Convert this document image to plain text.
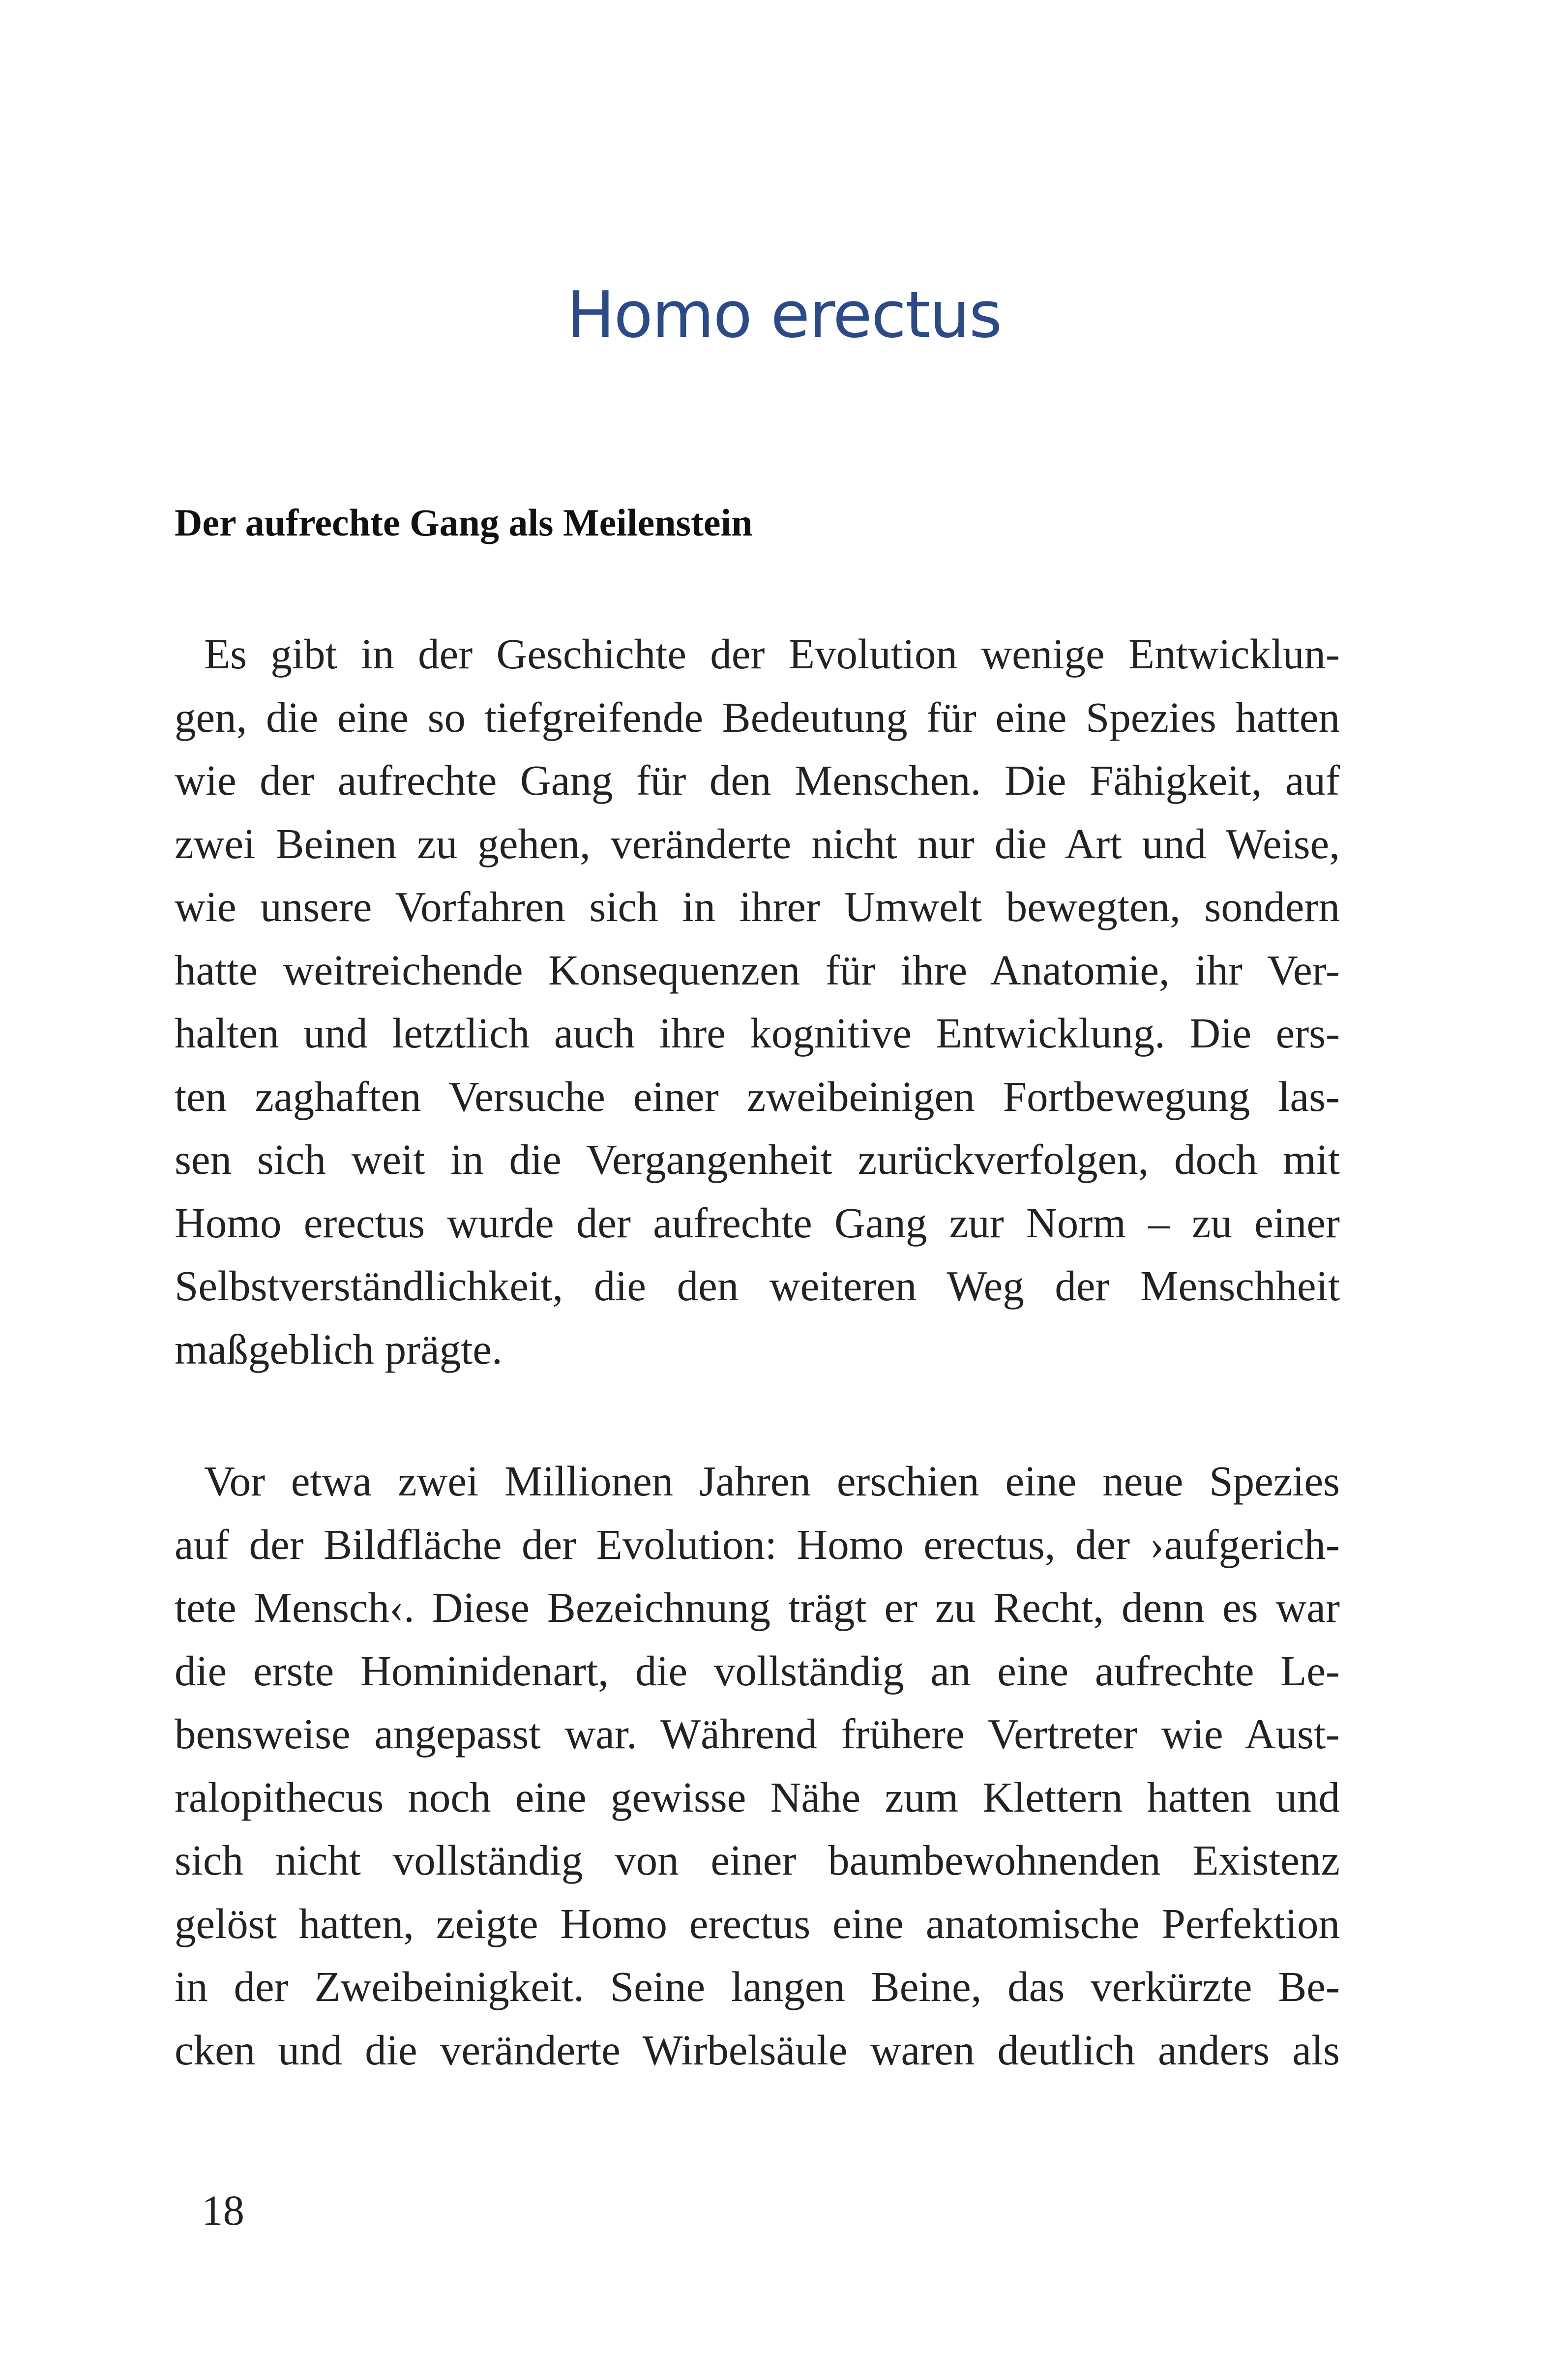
Homo erectus
Der aufrechte Gang als Meilenstein
Es gibt in der Geschichte der Evolution wenige Entwicklun-
gen, die eine so tiefgreifende Bedeutung für eine Spezies hatten
wie der aufrechte Gang für den Menschen. Die Fähigkeit, auf
zwei Beinen zu gehen, veränderte nicht nur die Art und Weise,
wie unsere Vorfahren sich in ihrer Umwelt bewegten, sondern
hatte weitreichende Konsequenzen für ihre Anatomie, ihr Ver-
halten und letztlich auch ihre kognitive Entwicklung. Die ers-
ten zaghaften Versuche einer zweibeinigen Fortbewegung las-
sen sich weit in die Vergangenheit zurückverfolgen, doch mit
Homo erectus wurde der aufrechte Gang zur Norm – zu einer
Selbstverständlichkeit, die den weiteren Weg der Menschheit
maßgeblich prägte.
Vor etwa zwei Millionen Jahren erschien eine neue Spezies
auf der Bildfläche der Evolution: Homo erectus, der ›aufgerich-
tete Mensch‹. Diese Bezeichnung trägt er zu Recht, denn es war
die erste Hominidenart, die vollständig an eine aufrechte Le-
bensweise angepasst war. Während frühere Vertreter wie Aust-
ralopithecus noch eine gewisse Nähe zum Klettern hatten und
sich nicht vollständig von einer baumbewohnenden Existenz
gelöst hatten, zeigte Homo erectus eine anatomische Perfektion
in der Zweibeinigkeit. Seine langen Beine, das verkürzte Be-
cken und die veränderte Wirbelsäule waren deutlich anders als
18
